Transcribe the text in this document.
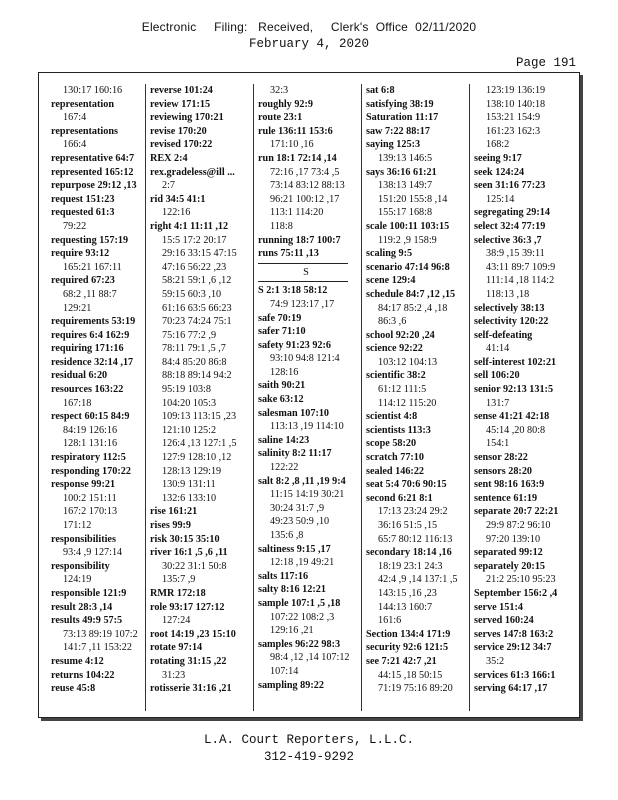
Electronic     Filing:   Received,     Clerk's  Office  02/11/2020
February 4, 2020
Page 191
130:17 160:16
representation
167:4
representations
166:4
representative 64:7
represented 165:12
repurpose 29:12 ,13
request 151:23
requested 61:3
79:22
requesting 157:19
require 93:12
165:21 167:11
required 67:23
68:2 ,11 88:7
129:21
requirements 53:19
requires 6:4 162:9
requiring 171:16
residence 32:14 ,17
residual 6:20
resources 163:22
167:18
respect 60:15 84:9
84:19 126:16
128:1 131:16
respiratory 112:5
responding 170:22
response 99:21
100:2 151:11
167:2 170:13
171:12
responsibilities
93:4 ,9 127:14
responsibility
124:19
responsible 121:9
result 28:3 ,14
results 49:9 57:5
73:13 89:19 107:2
141:7 ,11 153:22
resume 4:12
returns 104:22
reuse 45:8
reverse 101:24
review 171:15
reviewing 170:21
revise 170:20
revised 170:22
REX 2:4
rex.gradeless@ill ...
2:7
rid 34:5 41:1
122:16
right 4:1 11:11 ,12
15:5 17:2 20:17
29:16 33:15 47:15
47:16 56:22 ,23
58:21 59:1 ,6 ,12
59:15 60:3 ,10
61:16 63:5 66:23
70:23 74:24 75:1
75:16 77:2 ,9
78:11 79:1 ,5 ,7
84:4 85:20 86:8
88:18 89:14 94:2
95:19 103:8
104:20 105:3
109:13 113:15 ,23
121:10 125:2
126:4 ,13 127:1 ,5
127:9 128:10 ,12
128:13 129:19
130:9 131:11
132:6 133:10
rise 161:21
rises 99:9
risk 30:15 35:10
river 16:1 ,5 ,6 ,11
30:22 31:1 50:8
135:7 ,9
RMR 172:18
role 93:17 127:12
127:24
root 14:19 ,23 15:10
rotate 97:14
rotating 31:15 ,22
31:23
rotisserie 31:16 ,21
32:3
roughly 92:9
route 23:1
rule 136:11 153:6
171:10 ,16
run 18:1 72:14 ,14
72:16 ,17 73:4 ,5
73:14 83:12 88:13
96:21 100:12 ,17
113:1 114:20
118:8
running 18:7 100:7
runs 75:11 ,13
S
S 2:1 3:18 58:12
74:9 123:17 ,17
safe 70:19
safer 71:10
safety 91:23 92:6
93:10 94:8 121:4
128:16
saith 90:21
sake 63:12
salesman 107:10
113:13 ,19 114:10
saline 14:23
salinity 8:2 11:17
122:22
salt 8:2 ,8 ,11 ,19 9:4
11:15 14:19 30:21
30:24 31:7 ,9
49:23 50:9 ,10
135:6 ,8
saltiness 9:15 ,17
12:18 ,19 49:21
salts 117:16
salty 8:16 12:21
sample 107:1 ,5 ,18
107:22 108:2 ,3
129:16 ,21
samples 96:22 98:3
98:4 ,12 ,14 107:12
107:14
sampling 89:22
sat 6:8
satisfying 38:19
Saturation 11:17
saw 7:22 88:17
saying 125:3
139:13 146:5
says 36:16 61:21
138:13 149:7
151:20 155:8 ,14
155:17 168:8
scale 100:11 103:15
119:2 ,9 158:9
scaling 9:5
scenario 47:14 96:8
scene 129:4
schedule 84:7 ,12 ,15
84:17 85:2 ,4 ,18
86:3 ,6
school 92:20 ,24
science 92:22
103:12 104:13
scientific 38:2
61:12 111:5
114:12 115:20
scientist 4:8
scientists 113:3
scope 58:20
scratch 77:10
sealed 146:22
seat 5:4 70:6 90:15
second 6:21 8:1
17:13 23:24 29:2
36:16 51:5 ,15
65:7 80:12 116:13
secondary 18:14 ,16
18:19 23:1 24:3
42:4 ,9 ,14 137:1 ,5
143:15 ,16 ,23
144:13 160:7
161:6
Section 134:4 171:9
security 92:6 121:5
see 7:21 42:7 ,21
44:15 ,18 50:15
71:19 75:16 89:20
123:19 136:19
138:10 140:18
153:21 154:9
161:23 162:3
168:2
seeing 9:17
seek 124:24
seen 31:16 77:23
125:14
segregating 29:14
select 32:4 77:19
selective 36:3 ,7
38:9 ,15 39:11
43:11 89:7 109:9
111:14 ,18 114:2
118:13 ,18
selectively 38:13
selectivity 120:22
self-defeating
41:14
self-interest 102:21
sell 106:20
senior 92:13 131:5
131:7
sense 41:21 42:18
45:14 ,20 80:8
154:1
sensor 28:22
sensors 28:20
sent 98:16 163:9
sentence 61:19
separate 20:7 22:21
29:9 87:2 96:10
97:20 139:10
separated 99:12
separately 20:15
21:2 25:10 95:23
September 156:2 ,4
serve 151:4
served 160:24
serves 147:8 163:2
service 29:12 34:7
35:2
services 61:3 166:1
serving 64:17 ,17
L.A. Court Reporters, L.L.C.
312-419-9292
